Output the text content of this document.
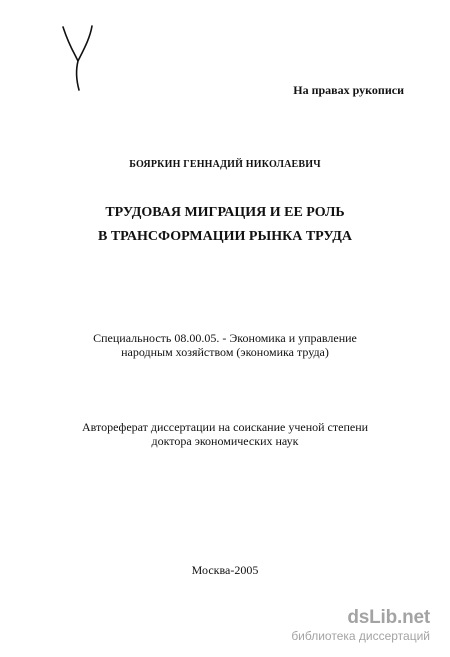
На правах рукописи
БОЯРКИН ГЕННАДИЙ НИКОЛАЕВИЧ
ТРУДОВАЯ МИГРАЦИЯ И ЕЕ РОЛЬ
В ТРАНСФОРМАЦИИ РЫНКА ТРУДА
Специальность 08.00.05. - Экономика и управление
народным хозяйством (экономика труда)
Автореферат диссертации на соискание ученой степени
доктора экономических наук
Москва-2005
dsLib.net
библиотека диссертаций
